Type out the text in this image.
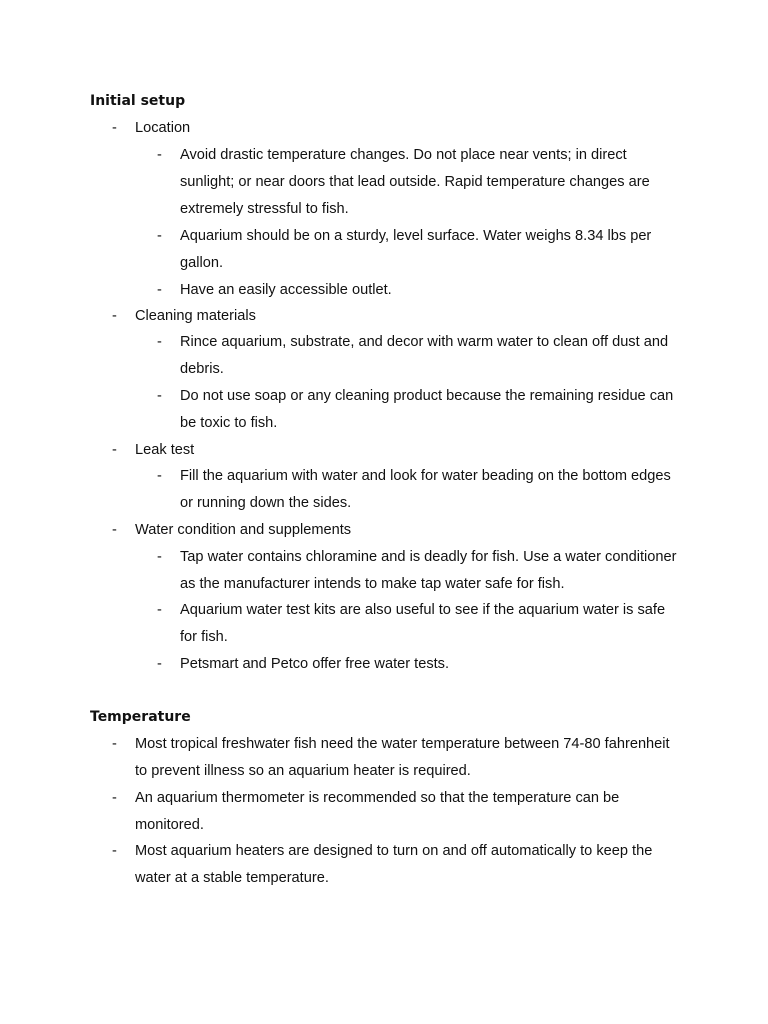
Initial setup
- Location
- Avoid drastic temperature changes. Do not place near vents; in direct sunlight; or near doors that lead outside. Rapid temperature changes are extremely stressful to fish.
- Aquarium should be on a sturdy, level surface. Water weighs 8.34 lbs per gallon.
- Have an easily accessible outlet.
- Cleaning materials
- Rince aquarium, substrate, and decor with warm water to clean off dust and debris.
- Do not use soap or any cleaning product because the remaining residue can be toxic to fish.
- Leak test
- Fill the aquarium with water and look for water beading on the bottom edges or running down the sides.
- Water condition and supplements
- Tap water contains chloramine and is deadly for fish. Use a water conditioner as the manufacturer intends to make tap water safe for fish.
- Aquarium water test kits are also useful to see if the aquarium water is safe for fish.
- Petsmart and Petco offer free water tests.
Temperature
- Most tropical freshwater fish need the water temperature between 74-80 fahrenheit to prevent illness so an aquarium heater is required.
- An aquarium thermometer is recommended so that the temperature can be monitored.
- Most aquarium heaters are designed to turn on and off automatically to keep the water at a stable temperature.
